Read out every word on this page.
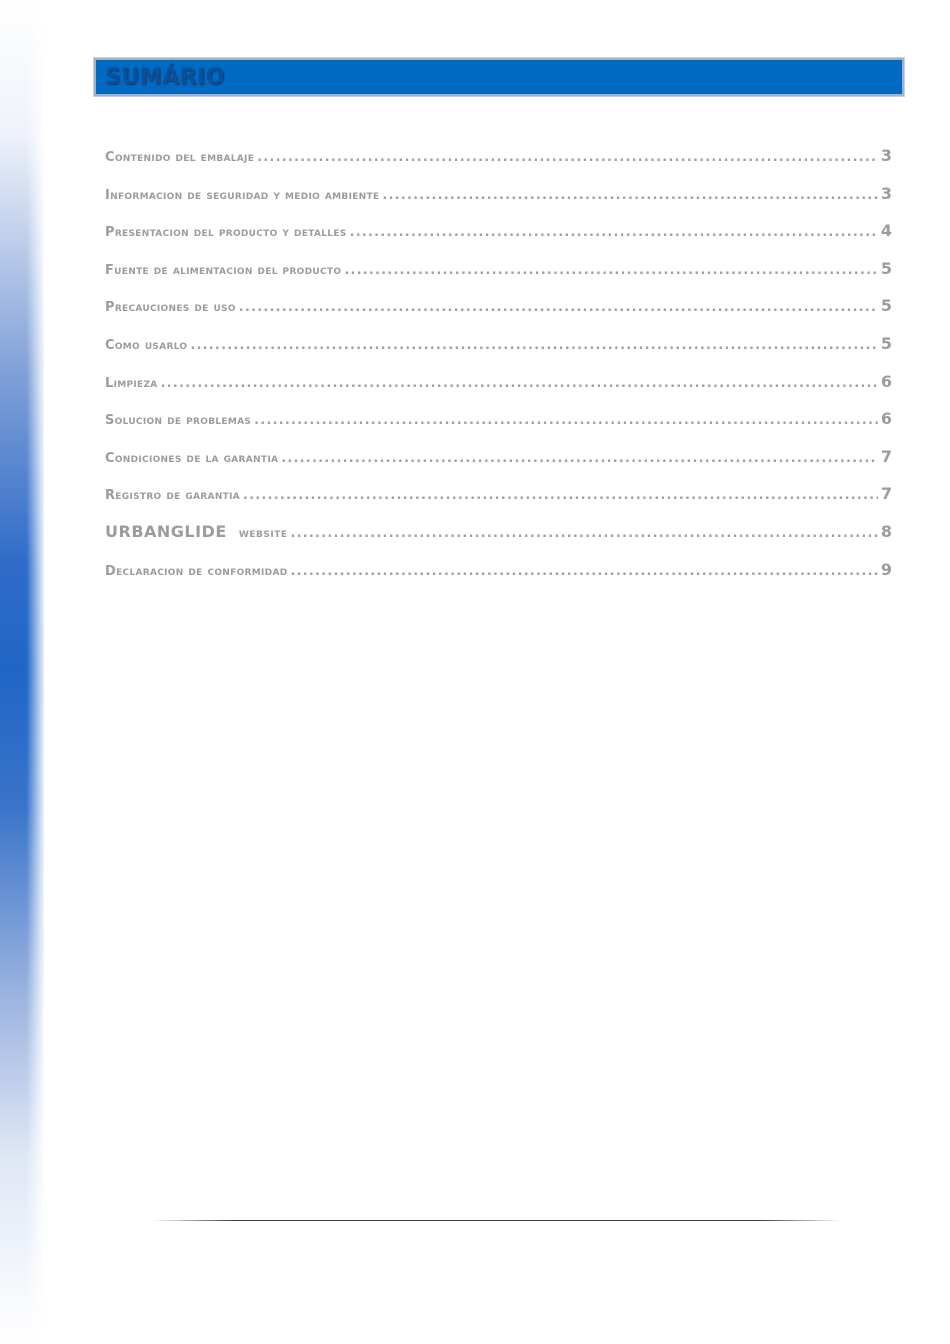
SUMÁRIO
Contenido del embalaje .....	3
Informacion de seguridad y medio ambiente .....	3
Presentacion del producto y detalles .....	4
Fuente de alimentacion del producto .....	5
Precauciones de uso .....	5
Como usarlo .....	5
Limpieza .....	6
Solucion de problemas .....	6
Condiciones de la garantia .....	7
Registro de garantia .....	7
URBANGLIDE website .....	8
Declaracion de conformidad .....	9
